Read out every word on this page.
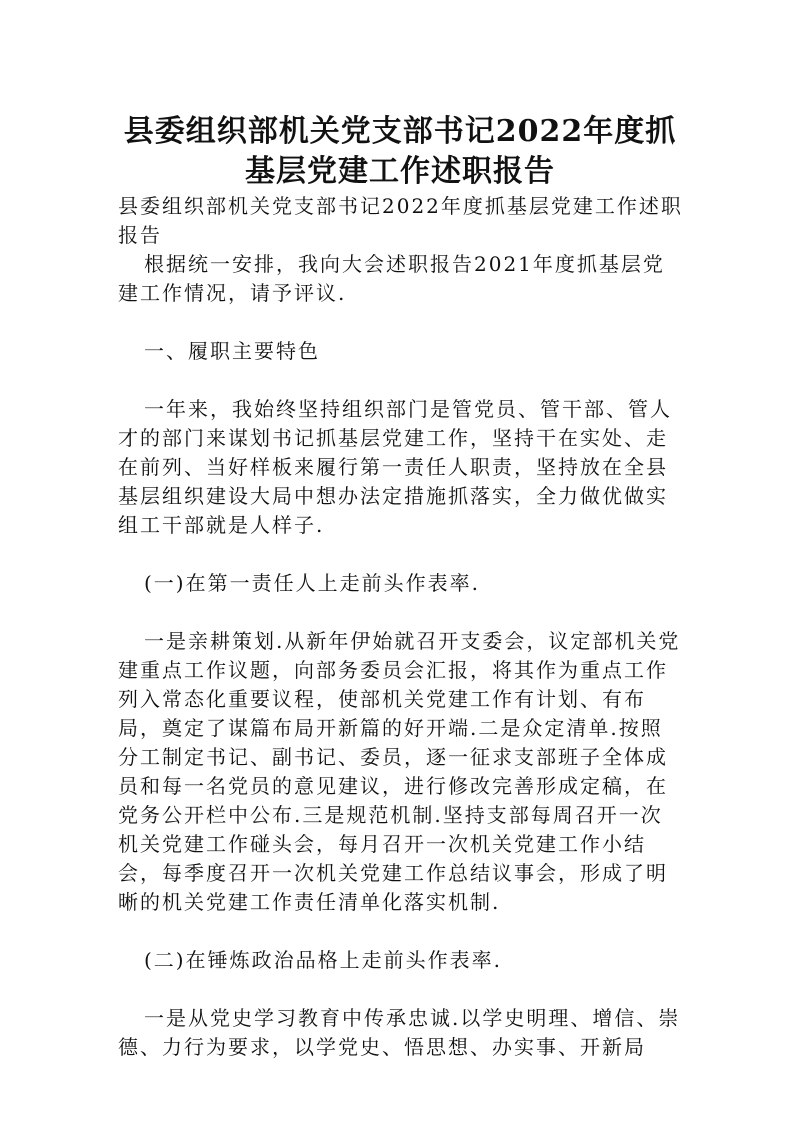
县委组织部机关党支部书记2022年度抓基层党建工作述职报告

县委组织部机关党支部书记2022年度抓基层党建工作述职报告

根据统一安排，我向大会述职报告2021年度抓基层党建工作情况，请予评议.

一、履职主要特色

一年来，我始终坚持组织部门是管党员、管干部、管人才的部门来谋划书记抓基层党建工作，坚持干在实处、走在前列、当好样板来履行第一责任人职责，坚持放在全县基层组织建设大局中想办法定措施抓落实，全力做优做实组工干部就是人样子.

(一)在第一责任人上走前头作表率.

一是亲耕策划.从新年伊始就召开支委会，议定部机关党建重点工作议题，向部务委员会汇报，将其作为重点工作列入常态化重要议程，使部机关党建工作有计划、有布局，奠定了谋篇布局开新篇的好开端.二是众定清单.按照分工制定书记、副书记、委员，逐一征求支部班子全体成员和每一名党员的意见建议，进行修改完善形成定稿，在党务公开栏中公布.三是规范机制.坚持支部每周召开一次机关党建工作碰头会，每月召开一次机关党建工作小结会，每季度召开一次机关党建工作总结议事会，形成了明晰的机关党建工作责任清单化落实机制.

(二)在锤炼政治品格上走前头作表率.

一是从党史学习教育中传承忠诚.以学史明理、增信、崇德、力行为要求，以学党史、悟思想、办实事、开新局
